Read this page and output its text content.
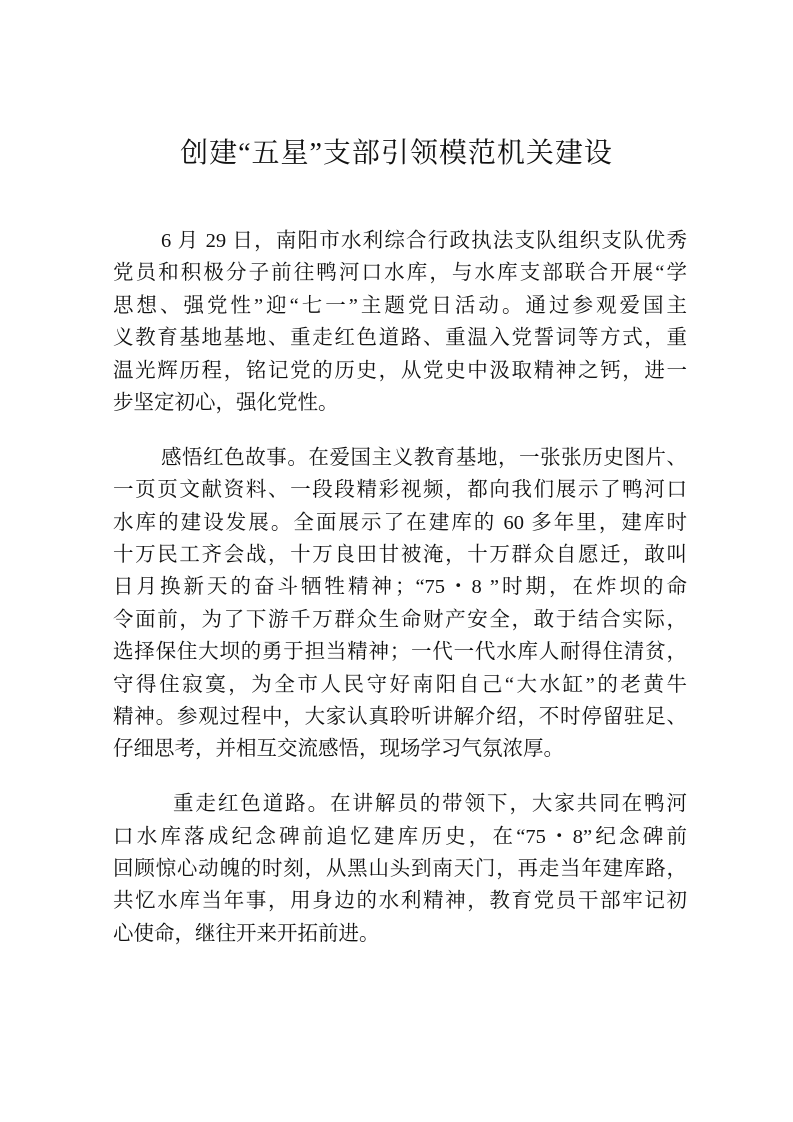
创建“五星”支部引领模范机关建设
6 月 29 日，南阳市水利综合行政执法支队组织支队优秀
党员和积极分子前往鸭河口水库，与水库支部联合开展“学
思想、强党性”迎“七一”主题党日活动。通过参观爱国主
义教育基地基地、重走红色道路、重温入党誓词等方式，重
温光辉历程，铭记党的历史，从党史中汲取精神之钙，进一
步坚定初心，强化党性。
感悟红色故事。在爱国主义教育基地，一张张历史图片、
一页页文献资料、一段段精彩视频，都向我们展示了鸭河口
水库的建设发展。全面展示了在建库的 60 多年里，建库时
十万民工齐会战，十万良田甘被淹，十万群众自愿迁，敢叫
日月换新天的奋斗牺牲精神；“75・8 ”时期，在炸坝的命
令面前，为了下游千万群众生命财产安全，敢于结合实际，
选择保住大坝的勇于担当精神；一代一代水库人耐得住清贫，
守得住寂寞，为全市人民守好南阳自己“大水缸”的老黄牛
精神。参观过程中，大家认真聆听讲解介绍，不时停留驻足、
仔细思考，并相互交流感悟，现场学习气氛浓厚。
重走红色道路。在讲解员的带领下，大家共同在鸭河
口水库落成纪念碑前追忆建库历史，在“75・8”纪念碑前
回顾惊心动魄的时刻，从黑山头到南天门，再走当年建库路，
共忆水库当年事，用身边的水利精神，教育党员干部牢记初
心使命，继往开来开拓前进。
